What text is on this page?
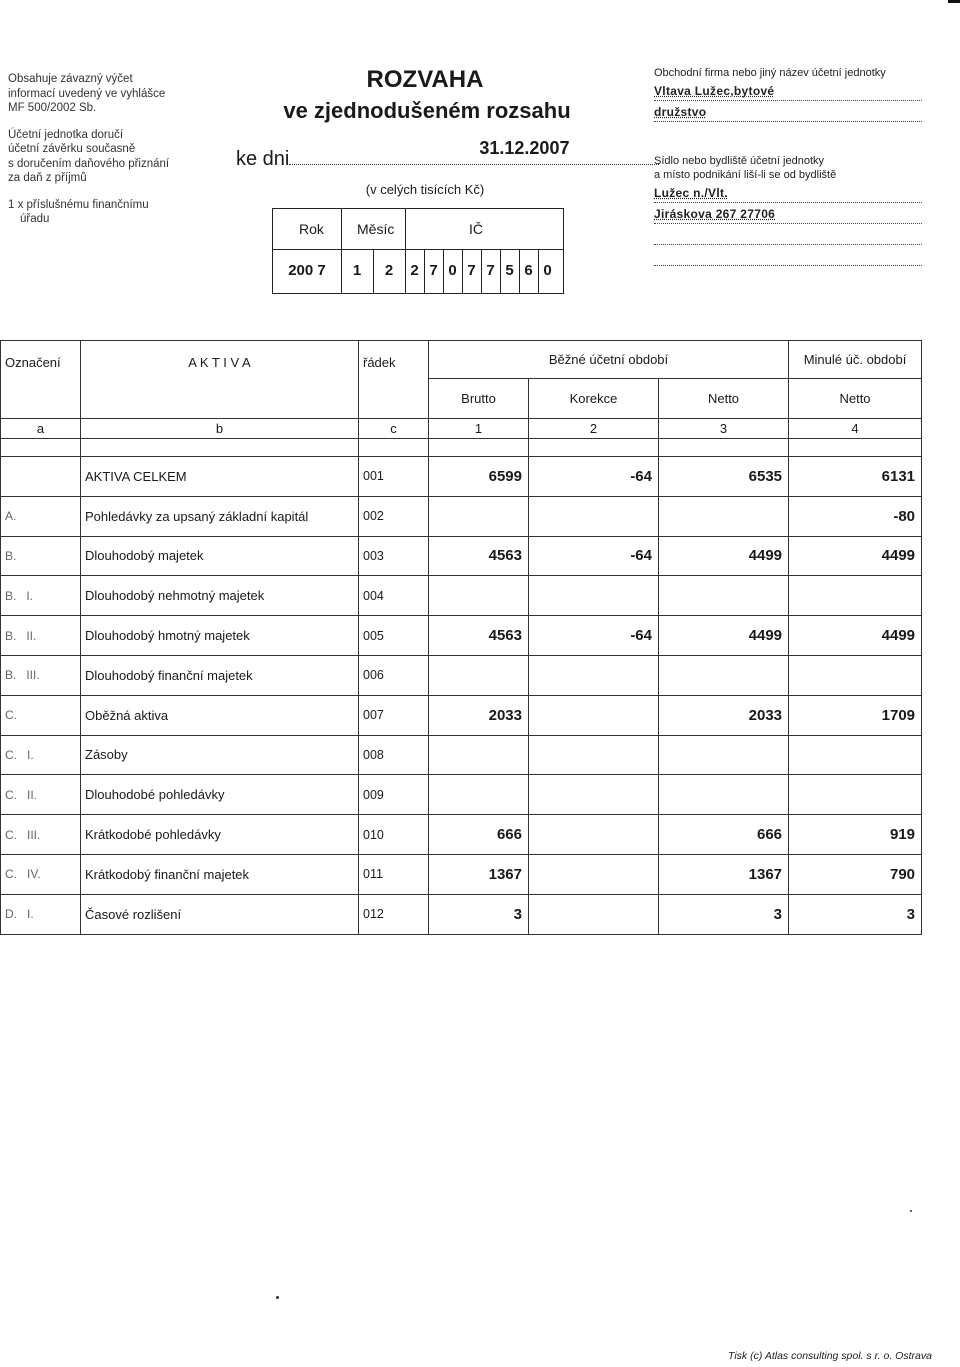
Obsahuje závazný výčet
informací uvedený ve vyhlášce
MF 500/2002 Sb.

Účetní jednotka doručí
účetní závěrku současně
s doručením daňového přiznání
za daň z příjmů

1 x příslušnému finančnímu
úřadu

ROZVAHA
ve zjednodušeném rozsahu
ke dni	31.12.2007
(v celých tisících Kč)
Rok Měsíc	IČ
200 7	1	2	2 7 0 7 7 5 6 0

Obchodní firma nebo jiný název účetní jednotky

Vltava Lužec,bytové
družstvo

Sídlo nebo bydliště účetní jednotky

a místo podnikání liší-li se od bydliště

Lužec n./Vlt.
Jiráskova 267 27706
Označení	A K T I V A	řádek	Běžné účetní období			Minulé úč. období
			Brutto	Korekce	Netto	Netto
a	b	c	1	2	3	4

	AKTIVA CELKEM	001	6599	-64	6535	6131
A.	Pohledávky za upsaný základní kapitál	002				-80
B.	Dlouhodobý majetek	003	4563	-64	4499	4499
B.   I.	Dlouhodobý nehmotný majetek	004				
B.   II.	Dlouhodobý hmotný majetek	005	4563	-64	4499	4499
B.   III.	Dlouhodobý finanční majetek	006				
C.	Oběžná aktiva	007	2033		2033	1709
C.   I.	Zásoby	008				
C.   II.	Dlouhodobé pohledávky	009				
C.   III.	Krátkodobé pohledávky	010	666		666	919
C.   IV.	Krátkodobý finanční majetek	011	1367		1367	790
D.   I.	Časové rozlišení	012	3		3	3
Tisk (c) Atlas consulting spol. s r. o. Ostrava
